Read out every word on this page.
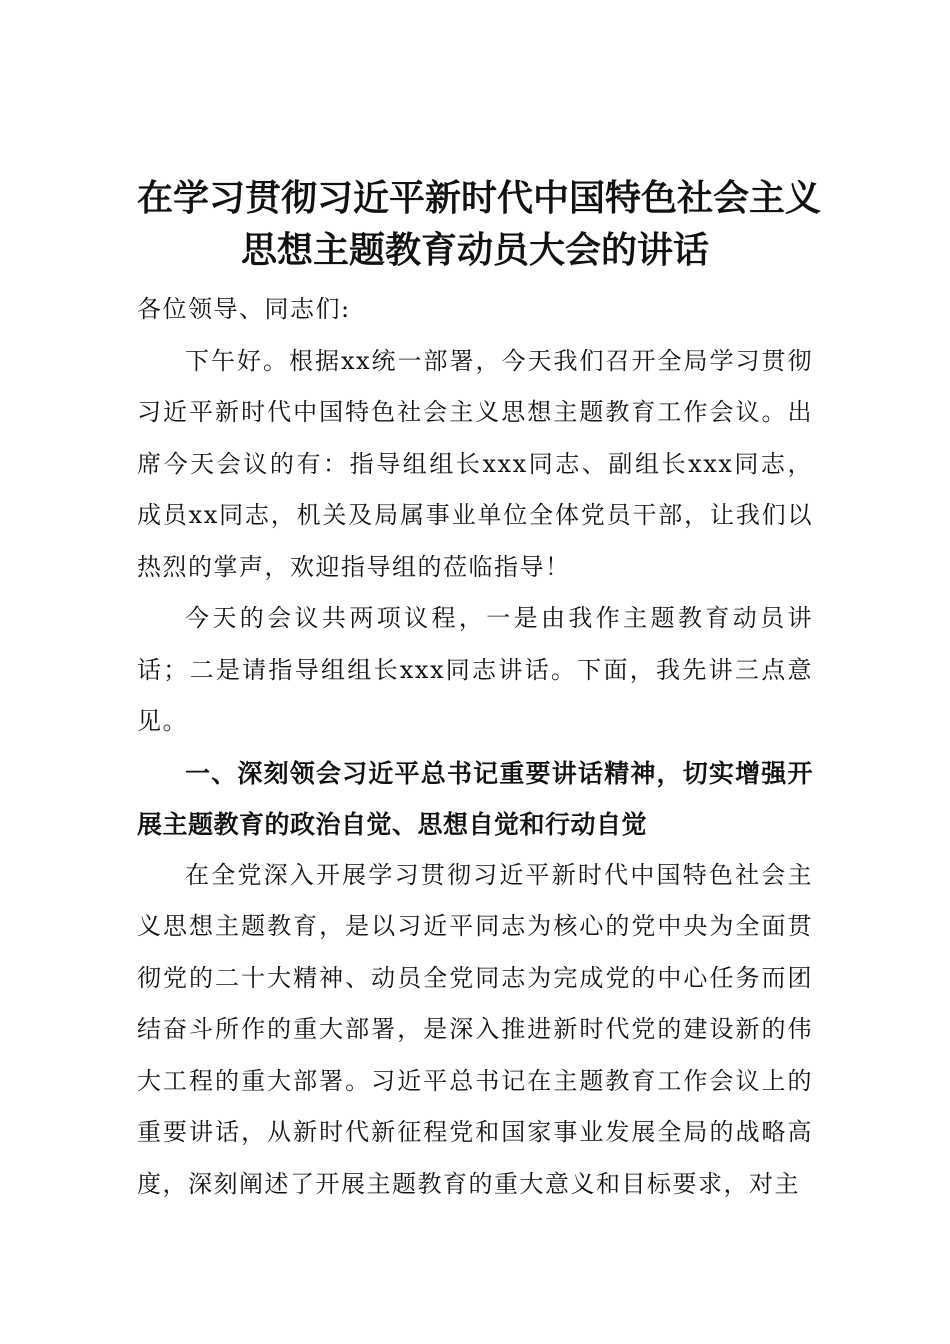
在学习贯彻习近平新时代中国特色社会主义
思想主题教育动员大会的讲话

各位领导、同志们:

下午好。根据xx统一部署，今天我们召开全局学习贯彻习近平新时代中国特色社会主义思想主题教育工作会议。出席今天会议的有：指导组组长xxx同志、副组长xxx同志，成员xx同志，机关及局属事业单位全体党员干部，让我们以热烈的掌声，欢迎指导组的莅临指导！

今天的会议共两项议程，一是由我作主题教育动员讲话；二是请指导组组长xxx同志讲话。下面，我先讲三点意见。

一、深刻领会习近平总书记重要讲话精神，切实增强开展主题教育的政治自觉、思想自觉和行动自觉

在全党深入开展学习贯彻习近平新时代中国特色社会主义思想主题教育，是以习近平同志为核心的党中央为全面贯彻党的二十大精神、动员全党同志为完成党的中心任务而团结奋斗所作的重大部署，是深入推进新时代党的建设新的伟大工程的重大部署。习近平总书记在主题教育工作会议上的重要讲话，从新时代新征程党和国家事业发展全局的战略高度，深刻阐述了开展主题教育的重大意义和目标要求，对主
